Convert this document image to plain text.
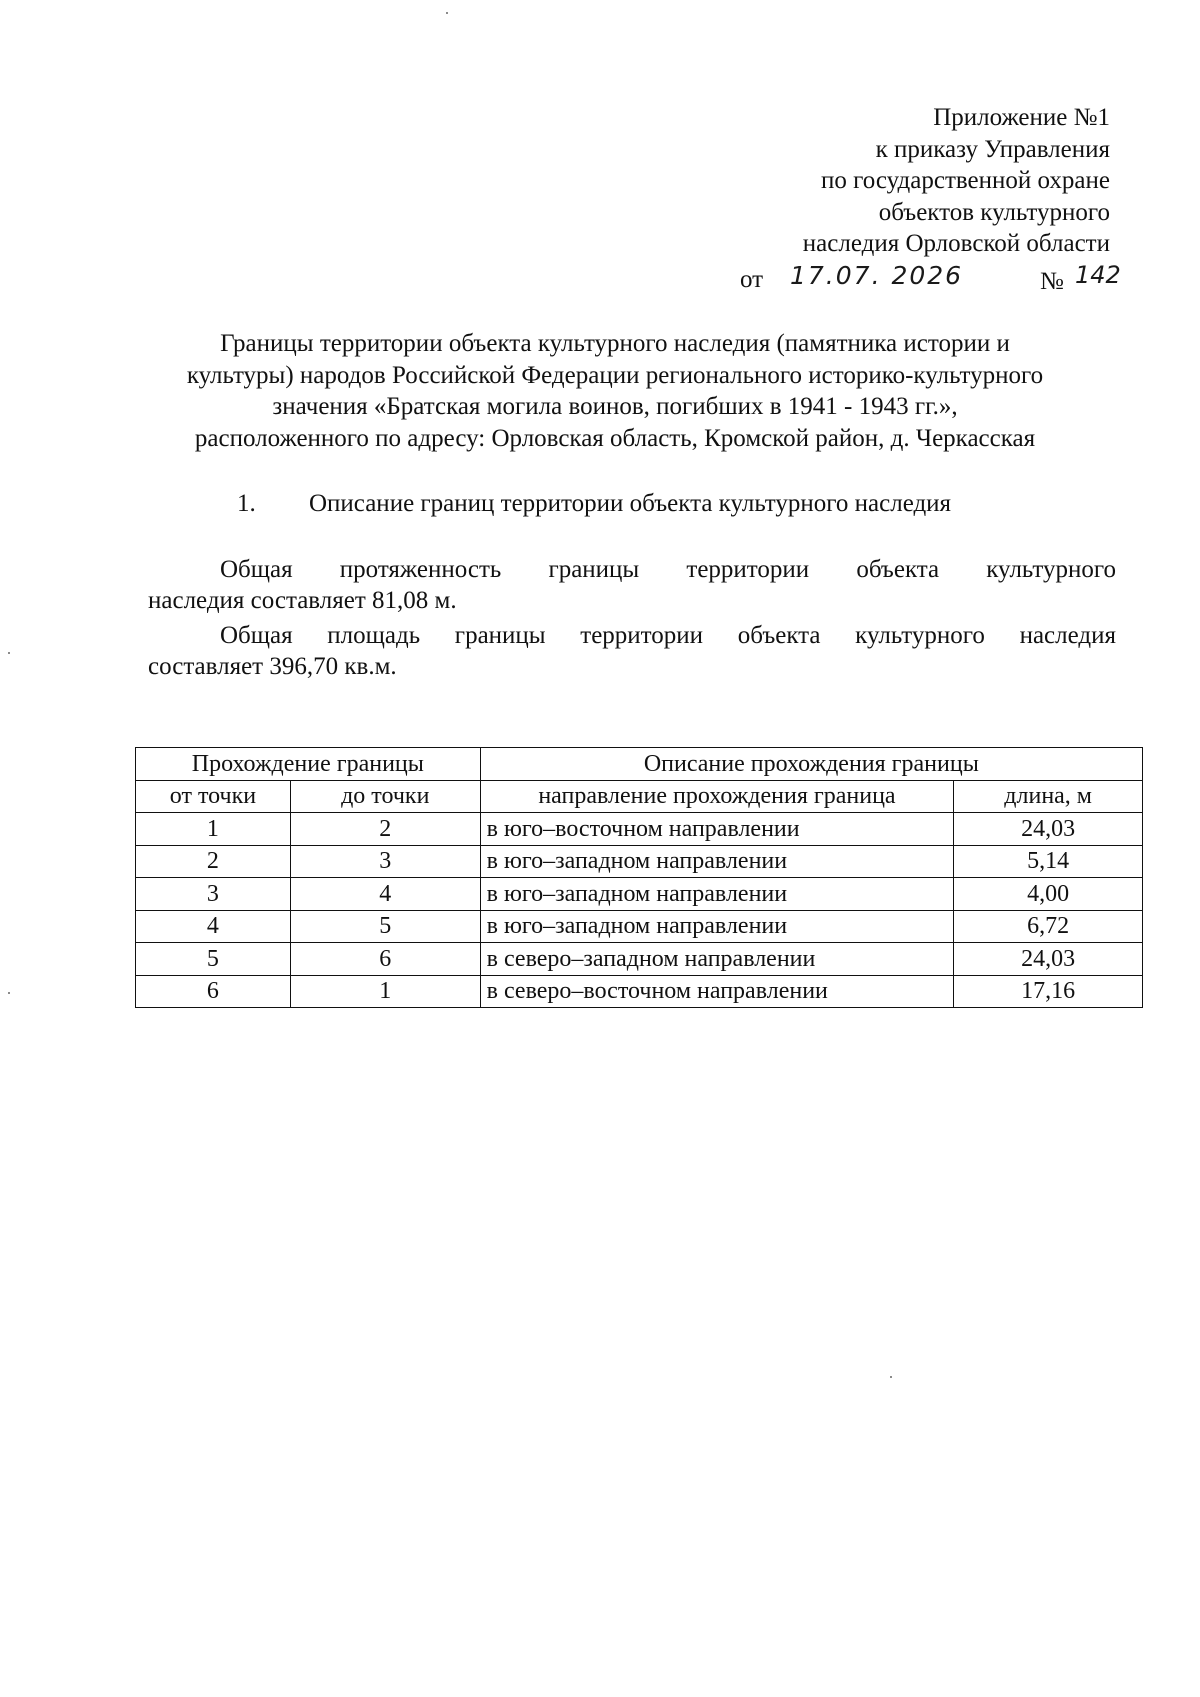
Приложение №1
к приказу Управления
по государственной охране
объектов культурного
наследия Орловской области
от 17.07. 2026	№ 142
Границы территории объекта культурного наследия (памятника истории и
культуры) народов Российской Федерации регионального историко-культурного
значения «Братская могила воинов, погибших в 1941 - 1943 гг.»,
расположенного по адресу: Орловская область, Кромской район, д. Черкасская
1. Описание границ территории объекта культурного наследия
Общая протяженность границы территории объекта культурного
наследия составляет 81,08 м.
Общая площадь границы территории объекта культурного наследия
составляет 396,70 кв.м.
Прохождение границы		Описание прохождения границы	
от точки	до точки	направление прохождения граница	длина, м
1	2	в юго–восточном направлении	24,03
2	3	в юго–западном направлении	5,14
3	4	в юго–западном направлении	4,00
4	5	в юго–западном направлении	6,72
5	6	в северо–западном направлении	24,03
6	1	в северо–восточном направлении	17,16
